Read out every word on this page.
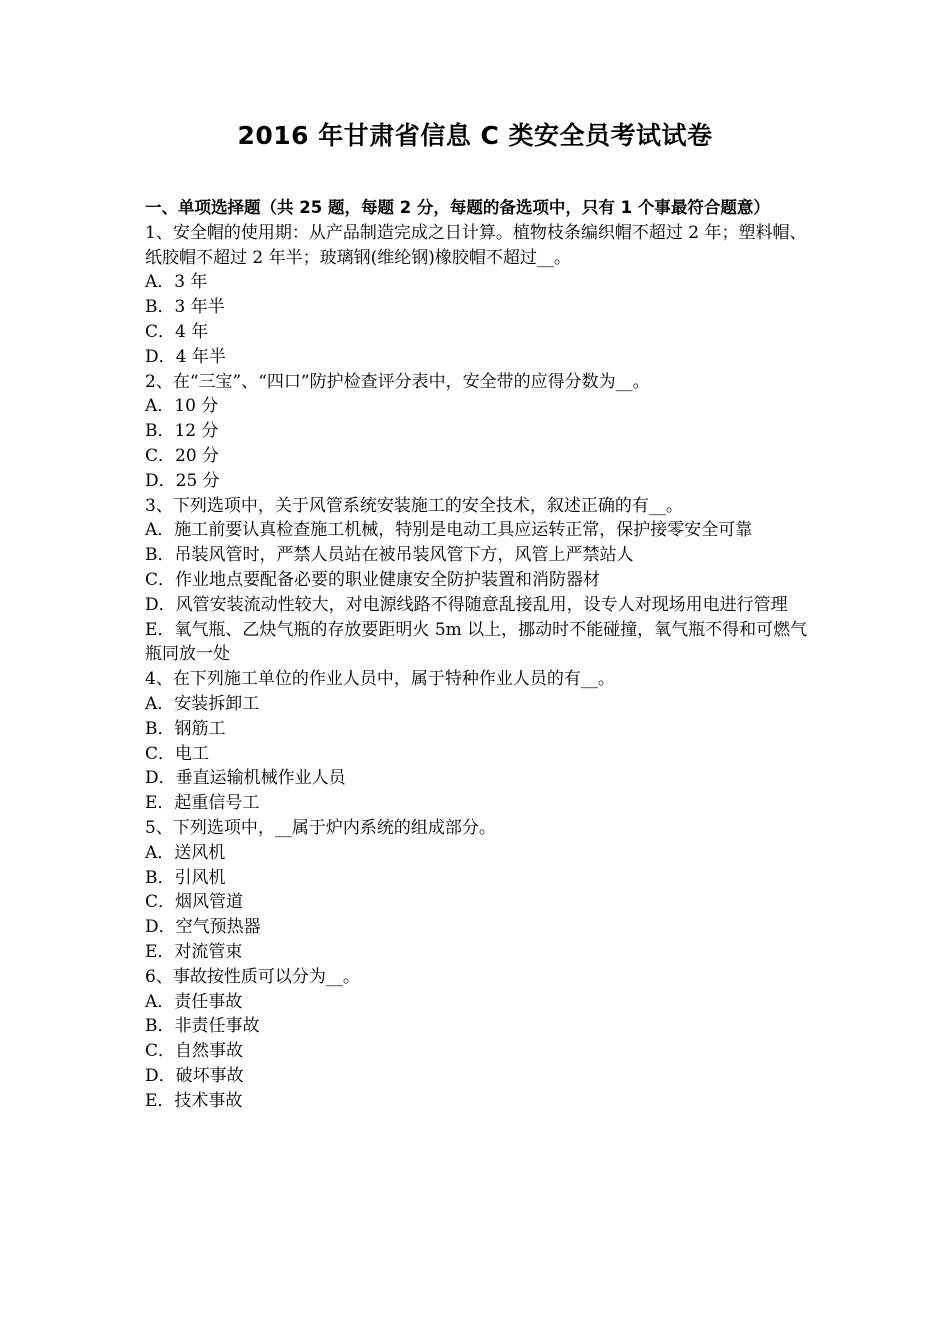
2016 年甘肃省信息 C 类安全员考试试卷

一、单项选择题（共 25 题，每题 2 分，每题的备选项中，只有 1 个事最符合题意）

1、安全帽的使用期：从产品制造完成之日计算。植物枝条编织帽不超过 2 年；塑料帽、纸胶帽不超过 2 年半；玻璃钢(维纶钢)橡胶帽不超过__。

A．3 年

B．3 年半

C．4 年

D．4 年半

2、在“三宝”、“四口”防护检查评分表中，安全带的应得分数为__。

A．10 分

B．12 分

C．20 分

D．25 分

3、下列选项中，关于风管系统安装施工的安全技术，叙述正确的有__。

A．施工前要认真检查施工机械，特别是电动工具应运转正常，保护接零安全可靠

B．吊装风管时，严禁人员站在被吊装风管下方，风管上严禁站人

C．作业地点要配备必要的职业健康安全防护装置和消防器材

D．风管安装流动性较大，对电源线路不得随意乱接乱用，设专人对现场用电进行管理

E．氧气瓶、乙炔气瓶的存放要距明火 5m 以上，挪动时不能碰撞，氧气瓶不得和可燃气瓶同放一处

4、在下列施工单位的作业人员中，属于特种作业人员的有__。

A．安装拆卸工

B．钢筋工

C．电工

D．垂直运输机械作业人员

E．起重信号工

5、下列选项中，__属于炉内系统的组成部分。

A．送风机

B．引风机

C．烟风管道

D．空气预热器

E．对流管束

6、事故按性质可以分为__。

A．责任事故

B．非责任事故

C．自然事故

D．破坏事故

E．技术事故
